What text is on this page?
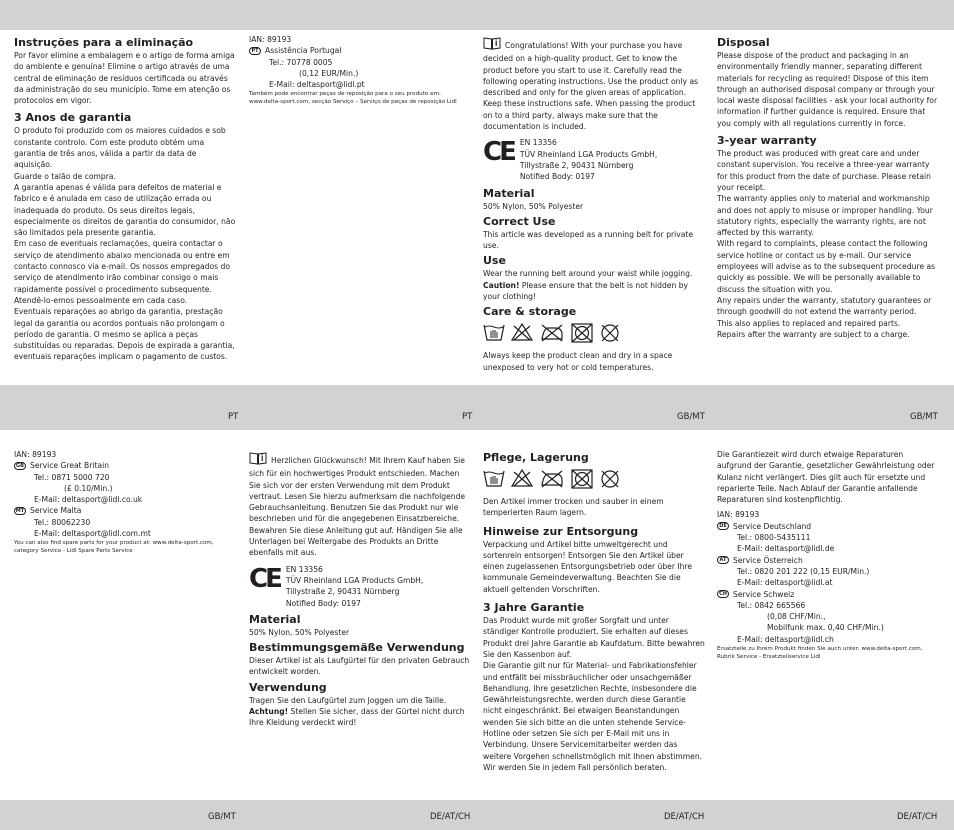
PT	PT	GB/MT	GB/MT
GB/MT	DE/AT/CH	DE/AT/CH	DE/AT/CH
Instruções para a eliminação

Por favor elimine a embalagem e o artigo de forma amiga do ambiente e genuína! Elimine o artigo através de uma central de eliminação de resíduos certificada ou através da administração do seu município. Tome em atenção os protocolos em vigor.

3 Anos de garantia

O produto foi produzido com os maiores cuidados e sob constante controlo. Com este produto obtém uma garantia de três anos, válida a partir da data de aquisição.

Guarde o talão de compra.

A garantia apenas é válida para defeitos de material e fabrico e é anulada em caso de utilização errada ou inadequada do produto. Os seus direitos legais, especialmente os direitos de garantia do consumidor, não são limitados pela presente garantia.

Em caso de eventuais reclamações, queira contactar o serviço de atendimento abaixo mencionada ou entre em contacto connosco via e-mail. Os nossos empregados do serviço de atendimento irão combinar consigo o mais rapidamente possível o procedimento subsequente.

Atendê-lo-emos pessoalmente em cada caso.

Eventuais reparações ao abrigo da garantia, prestação legal da garantia ou acordos pontuais não prolongam o período de garantia. O mesmo se aplica a peças substituídas ou reparadas. Depois de expirada a garantia, eventuais reparações implicam o pagamento de custos.

IAN: 89193

PT Assistência Portugal

Tel.: 70778 0005

(0,12 EUR/Min.)

E-Mail: deltasport@lidl.pt

Também pode encontrar peças de reposição para o seu produto em: www.delta-sport.com, secção Serviço – Serviço de peças de reposição Lidl

Congratulations! With your purchase you have decided on a high-quality product. Get to know the product before you start to use it. Carefully read the following operating instructions. Use the product only as described and only for the given areas of application. Keep these instructions safe. When passing the product on to a third party, always make sure that the documentation is included.

CE EN 13356

TÜV Rheinland LGA Products GmbH,

Tillystraße 2, 90431 Nürnberg

Notified Body: 0197

Material

50% Nylon, 50% Polyester

Correct Use

This article was developed as a running belt for private use.

Use

Wear the running belt around your waist while jogging.

Caution! Please ensure that the belt is not hidden by your clothing!

Care & storage

Always keep the product clean and dry in a space unexposed to very hot or cold temperatures.

Disposal

Please dispose of the product and packaging in an environmentally friendly manner, separating different materials for recycling as required! Dispose of this item through an authorised disposal company or through your local waste disposal facilities - ask your local authority for information if further guidance is required. Ensure that you comply with all regulations currently in force.

3-year warranty

The product was produced with great care and under constant supervision. You receive a three-year warranty for this product from the date of purchase. Please retain your receipt.

The warranty applies only to material and workmanship and does not apply to misuse or improper handling. Your statutory rights, especially the warranty rights, are not affected by this warranty.

With regard to complaints, please contact the following service hotline or contact us by e-mail. Our service employees will advise as to the subsequent procedure as quickly as possible. We will be personally available to discuss the situation with you.

Any repairs under the warranty, statutory guarantees or through goodwill do not extend the warranty period.

This also applies to replaced and repaired parts.

Repairs after the warranty are subject to a charge.

IAN: 89193

GB Service Great Britain

Tel.: 0871 5000 720

(£ 0.10/Min.)

E-Mail: deltasport@lidl.co.uk

MT Service Malta

Tel.: 80062230

E-Mail: deltasport@lidl.com.mt

You can also find spare parts for your product at: www.delta-sport.com, category Service - Lidl Spare Parts Service

Herzlichen Glückwunsch! Mit Ihrem Kauf haben Sie sich für ein hochwertiges Produkt entschieden. Machen Sie sich vor der ersten Verwendung mit dem Produkt vertraut. Lesen Sie hierzu aufmerksam die nachfolgende Gebrauchsanleitung. Benutzen Sie das Produkt nur wie beschrieben und für die angegebenen Einsatzbereiche. Bewahren Sie diese Anleitung gut auf. Händigen Sie alle Unterlagen bei Weitergabe des Produkts an Dritte ebenfalls mit aus.

CE EN 13356

TÜV Rheinland LGA Products GmbH,

Tillystraße 2, 90431 Nürnberg

Notified Body: 0197

Material

50% Nylon, 50% Polyester

Bestimmungsgemäße Verwendung

Dieser Artikel ist als Laufgürtel für den privaten Gebrauch entwickelt worden.

Verwendung

Tragen Sie den Laufgürtel zum Joggen um die Taille.

Achtung! Stellen Sie sicher, dass der Gürtel nicht durch Ihre Kleidung verdeckt wird!

Pflege, Lagerung

Den Artikel immer trocken und sauber in einem temperierten Raum lagern.

Hinweise zur Entsorgung

Verpackung und Artikel bitte umweltgerecht und sortenrein entsorgen! Entsorgen Sie den Artikel über einen zugelassenen Entsorgungsbetrieb oder über Ihre kommunale Gemeindeverwaltung. Beachten Sie die aktuell geltenden Vorschriften.

3 Jahre Garantie

Das Produkt wurde mit großer Sorgfalt und unter ständiger Kontrolle produziert. Sie erhalten auf dieses Produkt drei Jahre Garantie ab Kaufdatum. Bitte bewahren Sie den Kassenbon auf.

Die Garantie gilt nur für Material- und Fabrikationsfehler und entfällt bei missbräuchlicher oder unsachgemäßer Behandlung. Ihre gesetzlichen Rechte, insbesondere die Gewährleistungsrechte, werden durch diese Garantie nicht eingeschränkt. Bei etwaigen Beanstandungen wenden Sie sich bitte an die unten stehende Service-Hotline oder setzen Sie sich per E-Mail mit uns in Verbindung. Unsere Servicemitarbeiter werden das weitere Vorgehen schnellstmöglich mit Ihnen abstimmen. Wir werden Sie in jedem Fall persönlich beraten.

Die Garantiezeit wird durch etwaige Reparaturen aufgrund der Garantie, gesetzlicher Gewährleistung oder Kulanz nicht verlängert. Dies gilt auch für ersetzte und reparierte Teile. Nach Ablauf der Garantie anfallende Reparaturen sind kostenpflichtig.

IAN: 89193

DE Service Deutschland

Tel.: 0800-5435111

E-Mail: deltasport@lidl.de

AT Service Österreich

Tel.: 0820 201 222 (0,15 EUR/Min.)

E-Mail: deltasport@lidl.at

CH Service Schweiz

Tel.: 0842 665566

(0,08 CHF/Min.,

Mobilfunk max. 0,40 CHF/Min.)

E-Mail: deltasport@lidl.ch

Ersatzteile zu Ihrem Produkt finden Sie auch unter: www.delta-sport.com, Rubrik Service - Ersatzteilservice Lidl
